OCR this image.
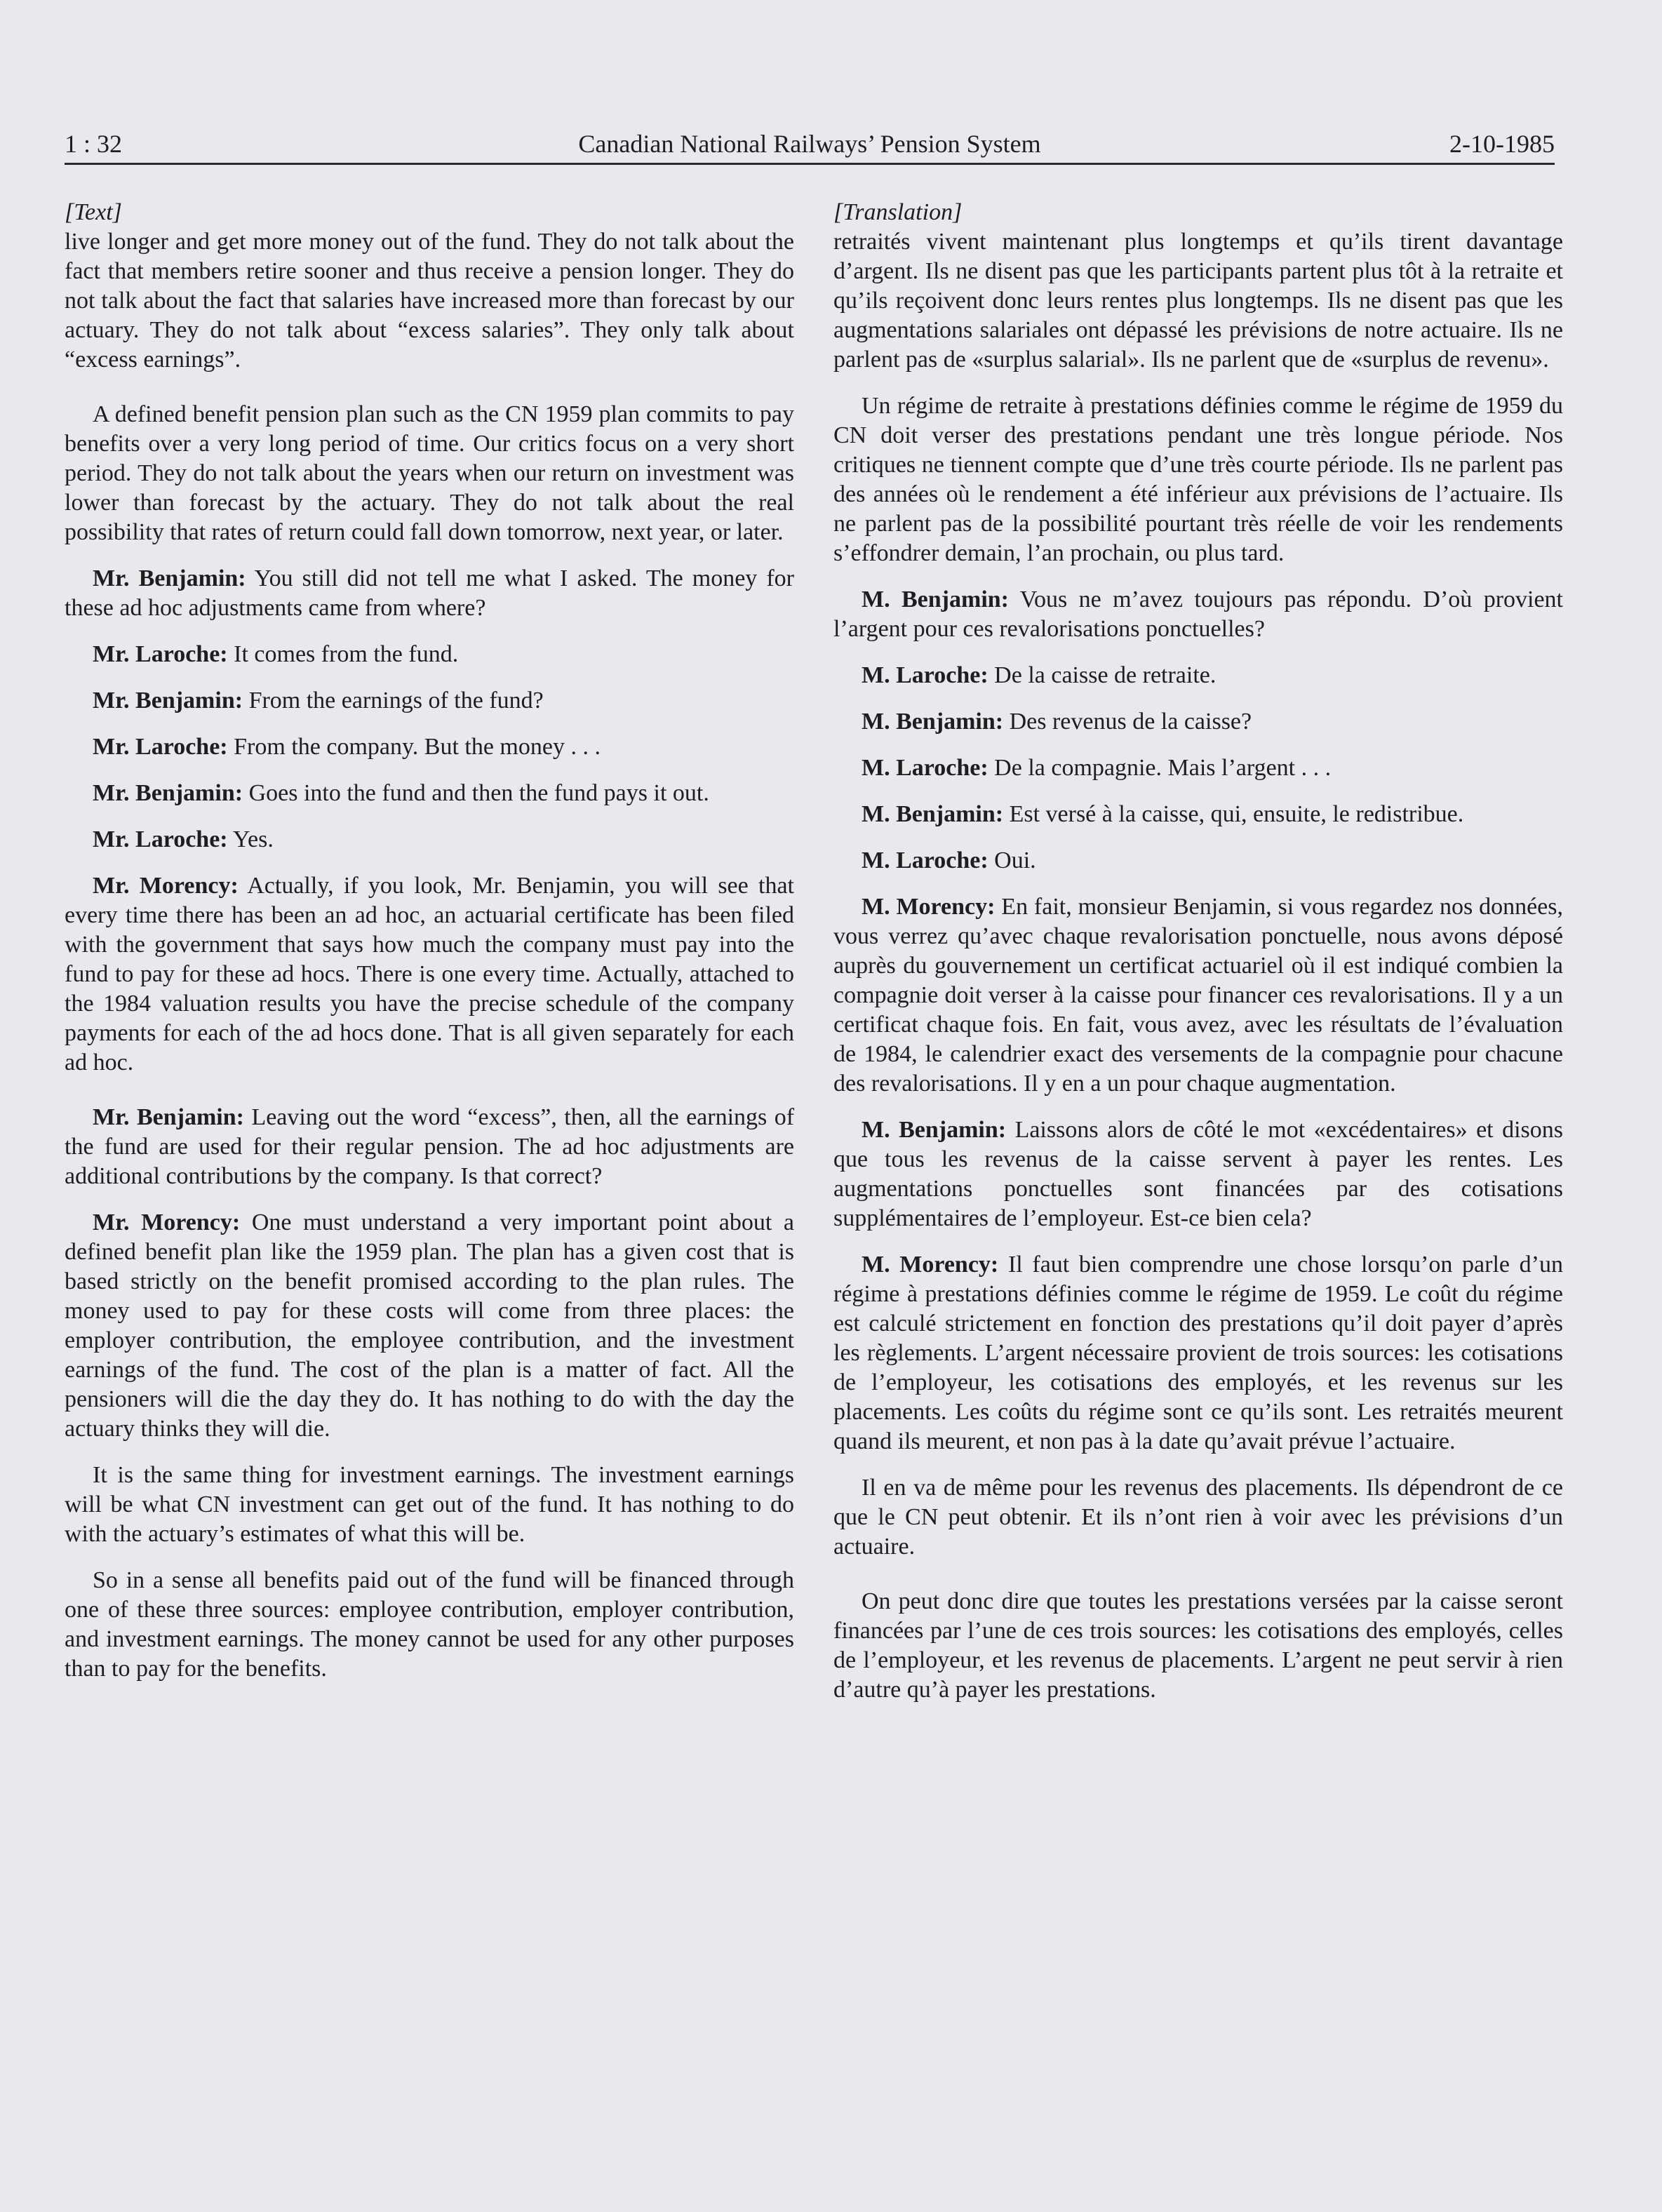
1 : 32	Canadian National Railways’ Pension System	2-10-1985

[Text]

live longer and get more money out of the fund. They do not talk about the fact that members retire sooner and thus receive a pension longer. They do not talk about the fact that salaries have increased more than forecast by our actuary. They do not talk about “excess salaries”. They only talk about “excess earnings”.

A defined benefit pension plan such as the CN 1959 plan commits to pay benefits over a very long period of time. Our critics focus on a very short period. They do not talk about the years when our return on investment was lower than forecast by the actuary. They do not talk about the real possibility that rates of return could fall down tomorrow, next year, or later.

Mr. Benjamin: You still did not tell me what I asked. The money for these ad hoc adjustments came from where?

Mr. Laroche: It comes from the fund.

Mr. Benjamin: From the earnings of the fund?

Mr. Laroche: From the company. But the money . . .

Mr. Benjamin: Goes into the fund and then the fund pays it out.

Mr. Laroche: Yes.

Mr. Morency: Actually, if you look, Mr. Benjamin, you will see that every time there has been an ad hoc, an actuarial certificate has been filed with the government that says how much the company must pay into the fund to pay for these ad hocs. There is one every time. Actually, attached to the 1984 valuation results you have the precise schedule of the company payments for each of the ad hocs done. That is all given separately for each ad hoc.

Mr. Benjamin: Leaving out the word “excess”, then, all the earnings of the fund are used for their regular pension. The ad hoc adjustments are additional contributions by the company. Is that correct?

Mr. Morency: One must understand a very important point about a defined benefit plan like the 1959 plan. The plan has a given cost that is based strictly on the benefit promised according to the plan rules. The money used to pay for these costs will come from three places: the employer contribution, the employee contribution, and the investment earnings of the fund. The cost of the plan is a matter of fact. All the pensioners will die the day they do. It has nothing to do with the day the actuary thinks they will die.

It is the same thing for investment earnings. The investment earnings will be what CN investment can get out of the fund. It has nothing to do with the actuary’s estimates of what this will be.

So in a sense all benefits paid out of the fund will be financed through one of these three sources: employee contribution, employer contribution, and investment earnings. The money cannot be used for any other purposes than to pay for the benefits.

[Translation]

retraités vivent maintenant plus longtemps et qu’ils tirent davantage d’argent. Ils ne disent pas que les participants partent plus tôt à la retraite et qu’ils reçoivent donc leurs rentes plus longtemps. Ils ne disent pas que les augmentations salariales ont dépassé les prévisions de notre actuaire. Ils ne parlent pas de «surplus salarial». Ils ne parlent que de «surplus de revenu».

Un régime de retraite à prestations définies comme le régime de 1959 du CN doit verser des prestations pendant une très longue période. Nos critiques ne tiennent compte que d’une très courte période. Ils ne parlent pas des années où le rendement a été inférieur aux prévisions de l’actuaire. Ils ne parlent pas de la possibilité pourtant très réelle de voir les rendements s’effondrer demain, l’an prochain, ou plus tard.

M. Benjamin: Vous ne m’avez toujours pas répondu. D’où provient l’argent pour ces revalorisations ponctuelles?

M. Laroche: De la caisse de retraite.

M. Benjamin: Des revenus de la caisse?

M. Laroche: De la compagnie. Mais l’argent . . .

M. Benjamin: Est versé à la caisse, qui, ensuite, le redistribue.

M. Laroche: Oui.

M. Morency: En fait, monsieur Benjamin, si vous regardez nos données, vous verrez qu’avec chaque revalorisation ponctuelle, nous avons déposé auprès du gouvernement un certificat actuariel où il est indiqué combien la compagnie doit verser à la caisse pour financer ces revalorisations. Il y a un certificat chaque fois. En fait, vous avez, avec les résultats de l’évaluation de 1984, le calendrier exact des versements de la compagnie pour chacune des revalorisations. Il y en a un pour chaque augmentation.

M. Benjamin: Laissons alors de côté le mot «excédentaires» et disons que tous les revenus de la caisse servent à payer les rentes. Les augmentations ponctuelles sont financées par des cotisations supplémentaires de l’employeur. Est-ce bien cela?

M. Morency: Il faut bien comprendre une chose lorsqu’on parle d’un régime à prestations définies comme le régime de 1959. Le coût du régime est calculé strictement en fonction des prestations qu’il doit payer d’après les règlements. L’argent nécessaire provient de trois sources: les cotisations de l’employeur, les cotisations des employés, et les revenus sur les placements. Les coûts du régime sont ce qu’ils sont. Les retraités meurent quand ils meurent, et non pas à la date qu’avait prévue l’actuaire.

Il en va de même pour les revenus des placements. Ils dépendront de ce que le CN peut obtenir. Et ils n’ont rien à voir avec les prévisions d’un actuaire.

On peut donc dire que toutes les prestations versées par la caisse seront financées par l’une de ces trois sources: les cotisations des employés, celles de l’employeur, et les revenus de placements. L’argent ne peut servir à rien d’autre qu’à payer les prestations.
